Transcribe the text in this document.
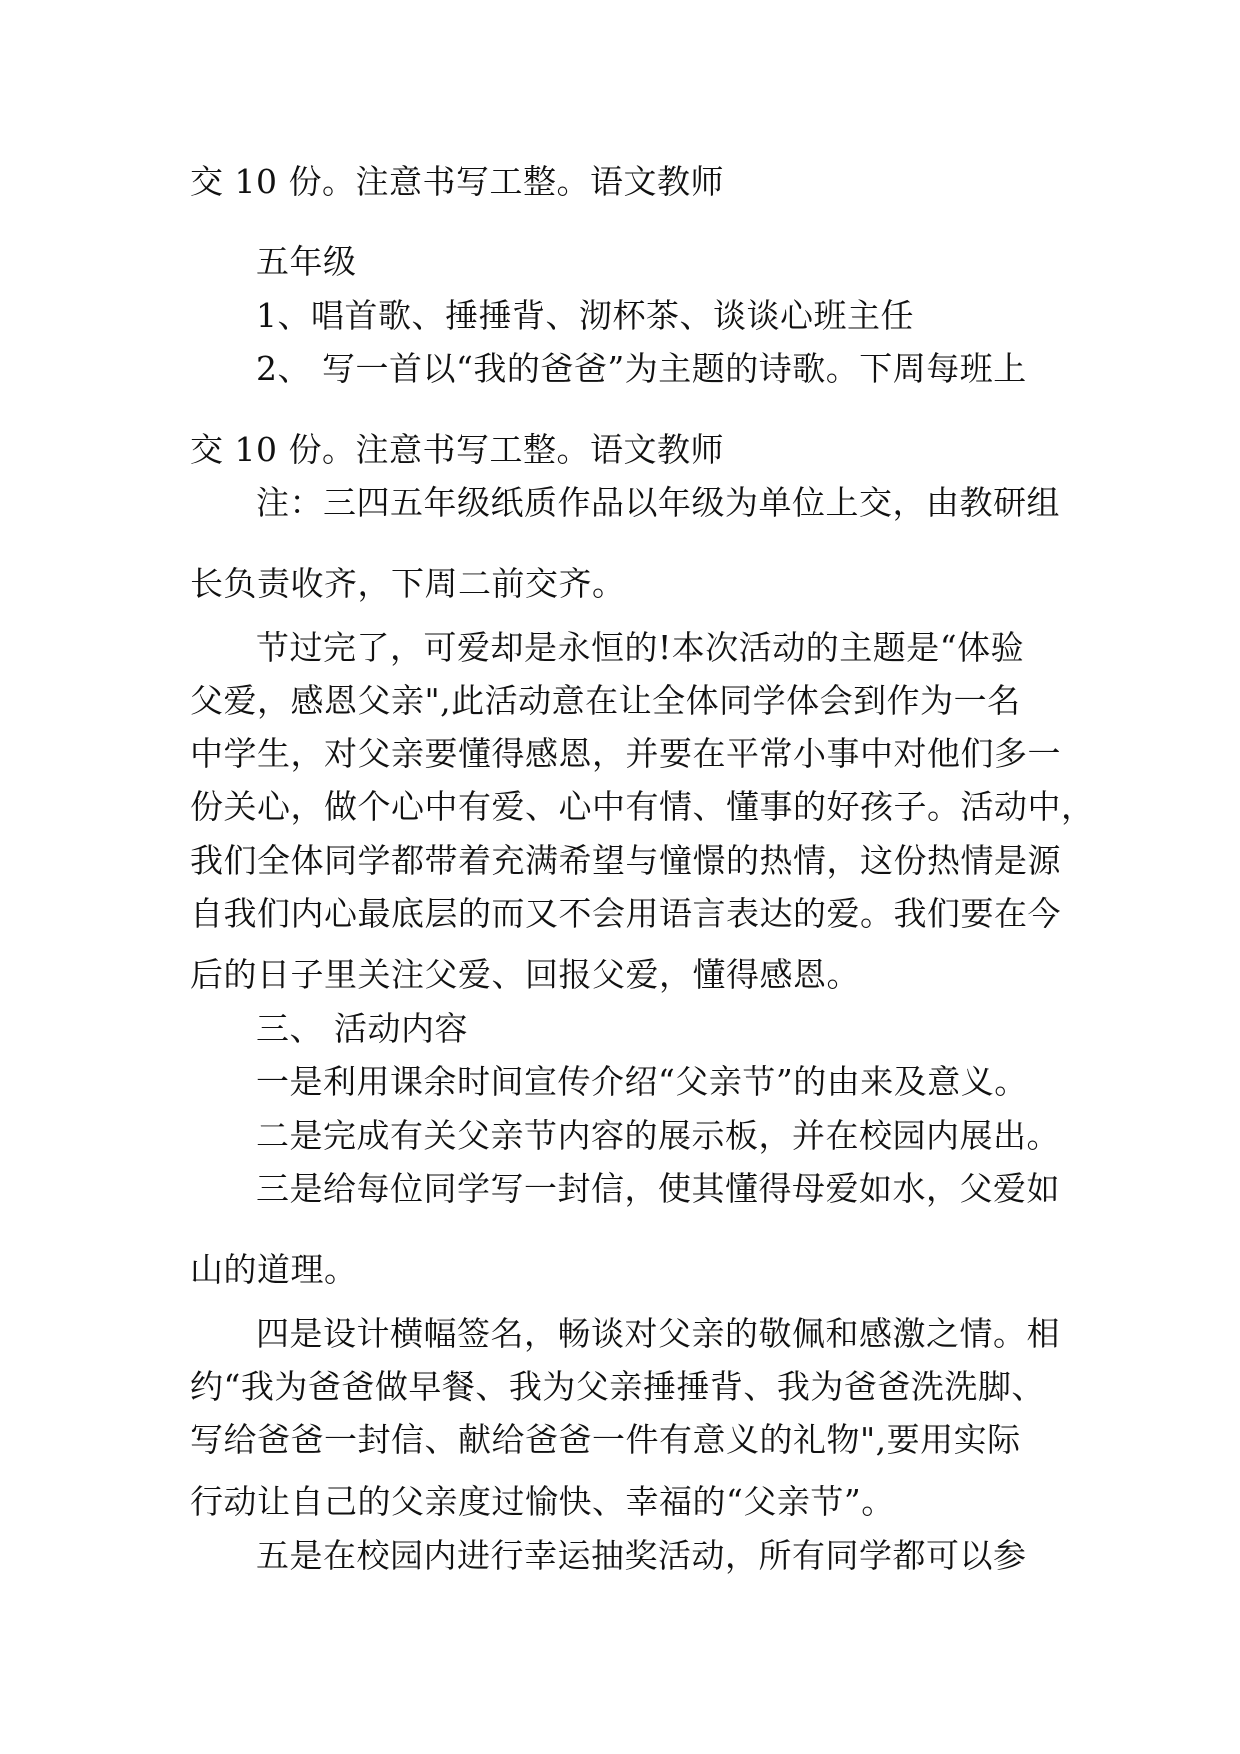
交 10 份。注意书写工整。语文教师
五年级
1、唱首歌、捶捶背、沏杯茶、谈谈心班主任
2、 写一首以“我的爸爸”为主题的诗歌。下周每班上
交 10 份。注意书写工整。语文教师
注：三四五年级纸质作品以年级为单位上交，由教研组
长负责收齐，下周二前交齐。
节过完了，可爱却是永恒的!本次活动的主题是“体验
父爱，感恩父亲",此活动意在让全体同学体会到作为一名
中学生，对父亲要懂得感恩，并要在平常小事中对他们多一
份关心，做个心中有爱、心中有情、懂事的好孩子。活动中，
我们全体同学都带着充满希望与憧憬的热情，这份热情是源
自我们内心最底层的而又不会用语言表达的爱。我们要在今
后的日子里关注父爱、回报父爱，懂得感恩。
三、 活动内容
一是利用课余时间宣传介绍“父亲节”的由来及意义。
二是完成有关父亲节内容的展示板，并在校园内展出。
三是给每位同学写一封信，使其懂得母爱如水，父爱如
山的道理。
四是设计横幅签名，畅谈对父亲的敬佩和感激之情。相
约“我为爸爸做早餐、我为父亲捶捶背、我为爸爸洗洗脚、
写给爸爸一封信、献给爸爸一件有意义的礼物",要用实际
行动让自己的父亲度过愉快、幸福的“父亲节”。
五是在校园内进行幸运抽奖活动，所有同学都可以参
